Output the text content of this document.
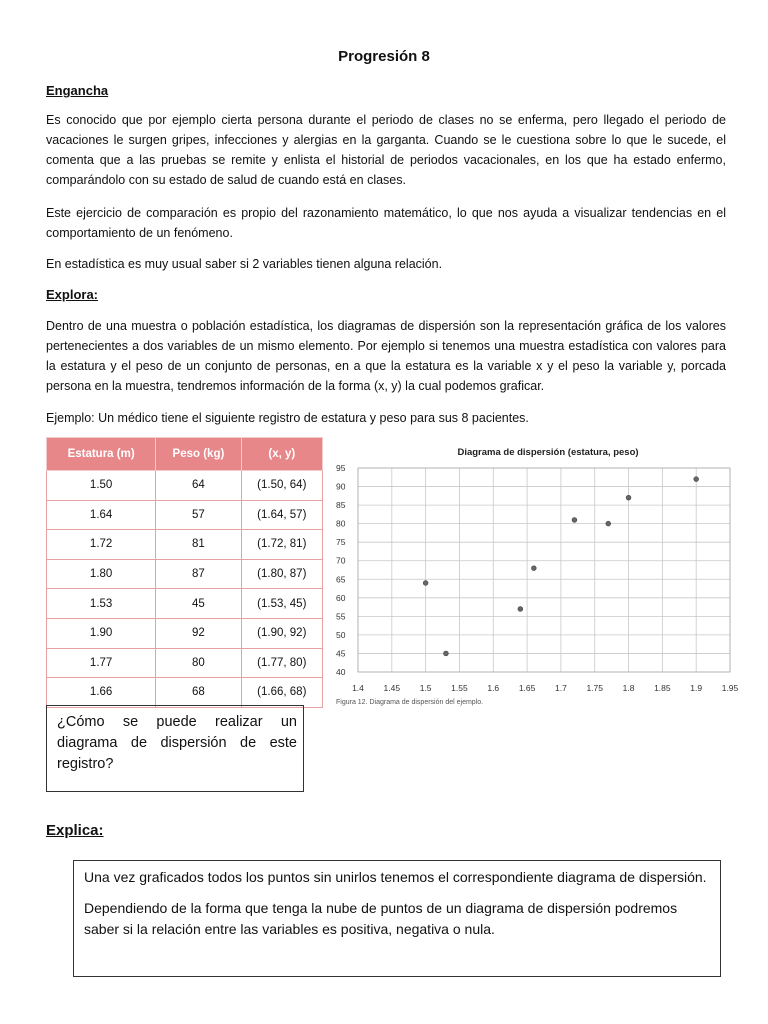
Progresión 8
Engancha

Es conocido que por ejemplo cierta persona durante el periodo de clases no se enferma, pero llegado el periodo de vacaciones le surgen gripes, infecciones y alergias en la garganta. Cuando se le cuestiona sobre lo que le sucede, el comenta que a las pruebas se remite y enlista el historial de periodos vacacionales, en los que ha estado enfermo, comparándolo con su estado de salud de cuando está en clases.

Este ejercicio de comparación es propio del razonamiento matemático, lo que nos ayuda a visualizar tendencias en el comportamiento de un fenómeno.

En estadística es muy usual saber si 2 variables tienen alguna relación.

Explora:

Dentro de una muestra o población estadística, los diagramas de dispersión son la representación gráfica de los valores pertenecientes a dos variables de un mismo elemento. Por ejemplo si tenemos una muestra estadística con valores para la estatura y el peso de un conjunto de personas, en a que la estatura es la variable x y el peso la variable y, porcada persona en la muestra, tendremos información de la forma (x, y) la cual podemos graficar.

Ejemplo: Un médico tiene el siguiente registro de estatura y peso para sus 8 pacientes.

Estatura (m)	Peso (kg)	(x, y)
1.50	64	(1.50, 64)
1.64	57	(1.64, 57)
1.72	81	(1.72, 81)
1.80	87	(1.80, 87)
1.53	45	(1.53, 45)
1.90	92	(1.90, 92)
1.77	80	(1.77, 80)
1.66	68	(1.66, 68)
Diagrama de dispersión (estatura, peso)
40
45
50
55
60
65
70
75
80
85
90
95
1.4 1.45 1.5 1.55 1.6 1.65 1.7 1.75 1.8 1.85 1.9 1.95
Figura 12. Diagrama de dispersión del ejemplo.
¿Cómo se puede realizar un diagrama de dispersión de este registro?
Explica:

Una vez graficados todos los puntos sin unirlos tenemos el correspondiente diagrama de dispersión.

Dependiendo de la forma que tenga la nube de puntos de un diagrama de dispersión podremos saber si la relación entre las variables es positiva, negativa o nula.
